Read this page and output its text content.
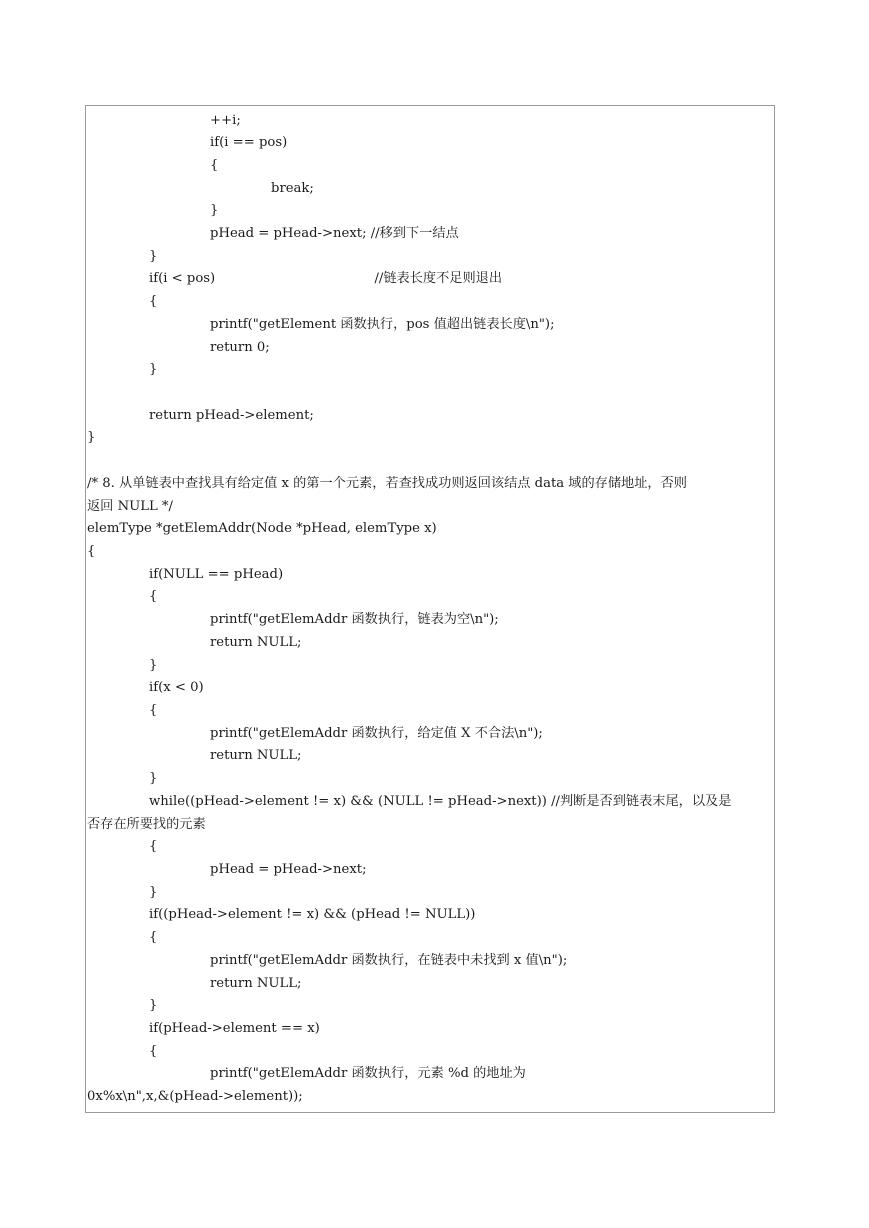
++i;
if(i == pos)
{
break;
}
pHead = pHead->next; //移到下一结点
}
if(i < pos)                                      //链表长度不足则退出
{
printf("getElement 函数执行，pos 值超出链表长度\n");
return 0;
}
return pHead->element;
}
/* 8. 从单链表中查找具有给定值 x 的第一个元素，若查找成功则返回该结点 data 域的存储地址，否则
返回 NULL */
elemType *getElemAddr(Node *pHead, elemType x)
{
if(NULL == pHead)
{
printf("getElemAddr 函数执行，链表为空\n");
return NULL;
}
if(x < 0)
{
printf("getElemAddr 函数执行，给定值 X 不合法\n");
return NULL;
}
while((pHead->element != x) && (NULL != pHead->next)) //判断是否到链表末尾，以及是
否存在所要找的元素
{
pHead = pHead->next;
}
if((pHead->element != x) && (pHead != NULL))
{
printf("getElemAddr 函数执行，在链表中未找到 x 值\n");
return NULL;
}
if(pHead->element == x)
{
printf("getElemAddr 函数执行，元素 %d 的地址为
0x%x\n",x,&(pHead->element));
